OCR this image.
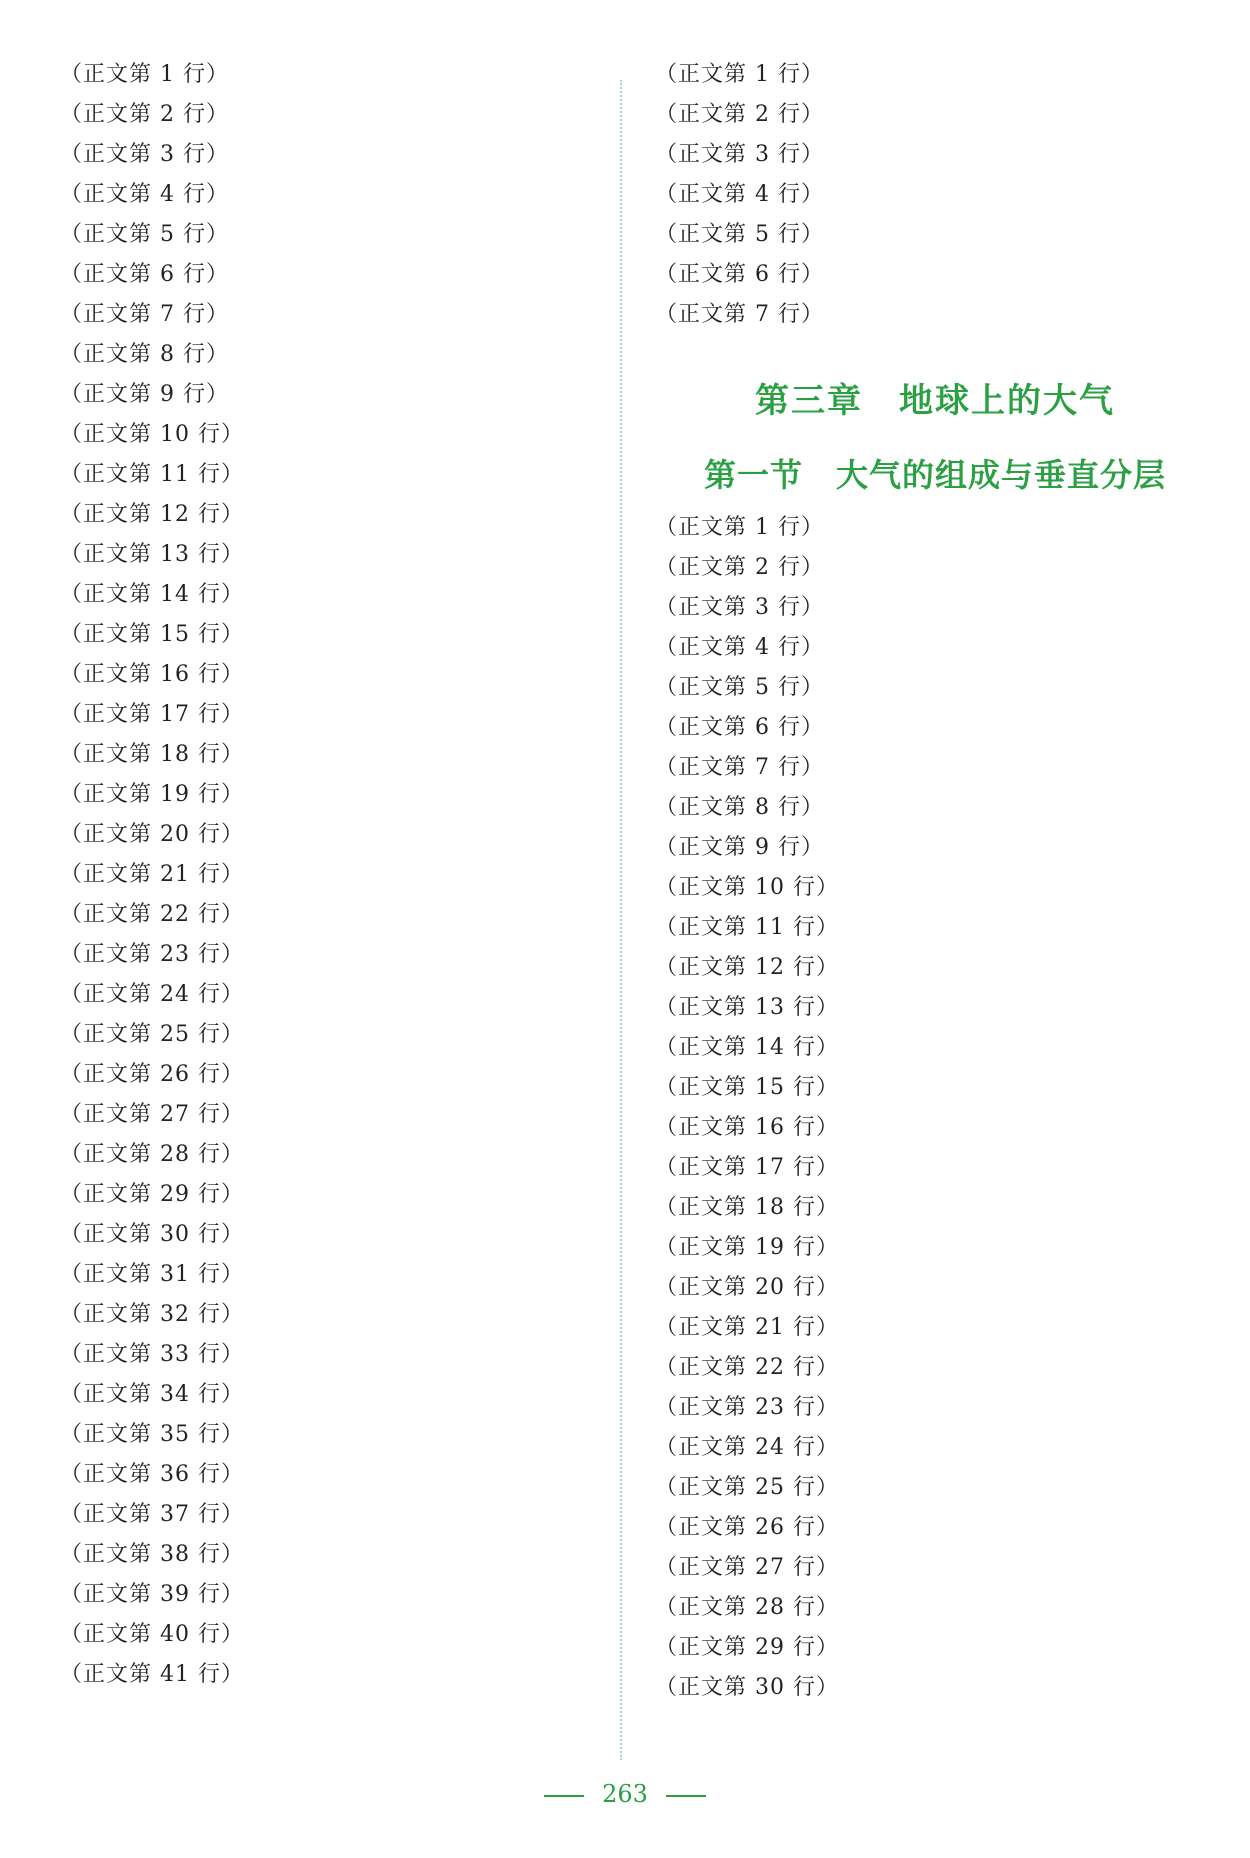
（正文第 1 行）
（正文第 2 行）
（正文第 3 行）
（正文第 4 行）
（正文第 5 行）
（正文第 6 行）
（正文第 7 行）
（正文第 8 行）
（正文第 9 行）
（正文第 10 行）
（正文第 11 行）
（正文第 12 行）
（正文第 13 行）
（正文第 14 行）
（正文第 15 行）
（正文第 16 行）
（正文第 17 行）
（正文第 18 行）
（正文第 19 行）
（正文第 20 行）
（正文第 21 行）
（正文第 22 行）
（正文第 23 行）
（正文第 24 行）
（正文第 25 行）
（正文第 26 行）
（正文第 27 行）
（正文第 28 行）
（正文第 29 行）
（正文第 30 行）
（正文第 31 行）
（正文第 32 行）
（正文第 33 行）
（正文第 34 行）
（正文第 35 行）
（正文第 36 行）
（正文第 37 行）
（正文第 38 行）
（正文第 39 行）
（正文第 40 行）
（正文第 41 行）
（正文第 1 行）
（正文第 2 行）
（正文第 3 行）
（正文第 4 行）
（正文第 5 行）
（正文第 6 行）
（正文第 7 行）
第三章　地球上的大气
第一节　大气的组成与垂直分层
（正文第 1 行）
（正文第 2 行）
（正文第 3 行）
（正文第 4 行）
（正文第 5 行）
（正文第 6 行）
（正文第 7 行）
（正文第 8 行）
（正文第 9 行）
（正文第 10 行）
（正文第 11 行）
（正文第 12 行）
（正文第 13 行）
（正文第 14 行）
（正文第 15 行）
（正文第 16 行）
（正文第 17 行）
（正文第 18 行）
（正文第 19 行）
（正文第 20 行）
（正文第 21 行）
（正文第 22 行）
（正文第 23 行）
（正文第 24 行）
（正文第 25 行）
（正文第 26 行）
（正文第 27 行）
（正文第 28 行）
（正文第 29 行）
（正文第 30 行）
263
